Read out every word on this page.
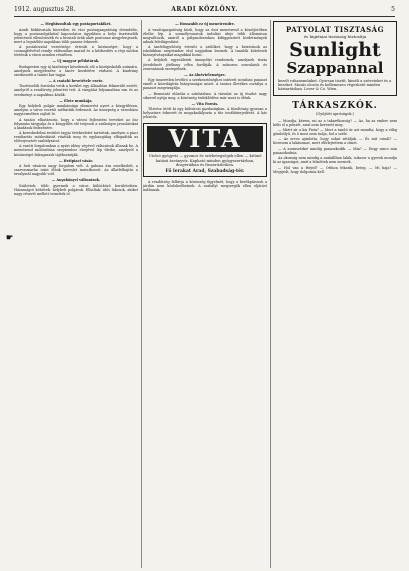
1912. augusztus 28.	ARADI KÖZLÖNY.	5

— Meghiusultak egy postaportakiket.

Aradi fiókhivatala közvetlen és váci postaigazgatóság elrendelte, hogy a postaszolgálattal kapcsolatos ügyekben a helyi tisztviselők jelentéseit ellenőrizzék és a hivatali órák alatt pontosan megjelenjenek, mert a legutóbbi napokban több panasz érkezett.

A postahivatal vezetősége értesíti a közönséget, hogy a csomagfelvétel rendje változatlan marad és a kézbesítés a régi módon történik a város minden részében.

— Uj magyar példatárak.

Budapesten egy új kiadványt készítenek elő a középiskolák számára, amelynek megjelenése a tanév kezdetére várható. A kiadvány szerkesztői a tanári kar tagjai.

— A csatahi bevetétele esete.

Tisztviselők forrásba vetik a kerület egy állandóan felmerülő esetét, amelyről a rendőrség jelentést tett. A vizsgálat folyamatban van és az eredményt a napokban közlik.

— Élete munkája.

Egy helybeli polgár munkássága elismerést nyert a közgyűlésen, amelyen a város vezetői méltatták érdemeit. Az ünnepség a városháza nagytermében zajlott le.

A tanács elhatározta, hogy a városi fejlesztési terveket az ősz folyamán tárgyalja és a közgyűlés elé terjeszti a szükséges javaslatokat a kiadások fedezésére.

A kereskedelmi testület tagjai értekezletet tartottak, amelyen a piaci rendtartás módosítását vitatták meg és egyhangúlag elfogadták az előterjesztett szabályzatot.

A vasúti forgalomban a nyári idény végével változások állanak be. A menetrend módosítása szeptember elsejével lép életbe, amelyről a közönséget falragaszok tájékoztatják.

— Hetipiaci vásár.

A heti vásáron nagy forgalom volt. A gabona ára emelkedett, a szarvasmarha iránt élénk kereslet mutatkozott. Az állatfelhajtás a tavalyinál nagyobb volt.

— Anyakönyvi változások.

Születtek: több gyermek a város különböző kerületeiben. Házasságot kötöttek: helybeli polgárok. Elhaltak: idős lakosok, akiket nagy részvét mellett temettek el.

— Hosszabb ez új menetrendre.

A vasútigazgatóság közli, hogy az őszi menetrend a közeljövőben életbe lép. A személyvonatok indulási ideje több állomáson megváltozik, amiről a pályaudvarokon kifüggesztett hirdetmények adnak felvilágosítást.

A tanfelügyelőség értesíti a szülőket, hogy a beiratások az iskolákban szeptember első napjaiban lesznek. A tanulók kötelesek bizonyítványaikat magukkal hozni.

A helybeli egyesületek ünnepélyt rendeznek, amelynek tiszta jövedelmét jótékony célra fordítják. A műsoron szavalatok és zeneszámok szerepelnek.

— Az álnévtelenségre.

Egy ismeretlen levélíró a szerkesztőséghez intézett soraiban panaszt emelt a közvilágítás hiányosságai miatt. A tanács illetékes osztálya a panaszt megvizsgálja.

— Bemutató előadás a színházban. A társulat az új évadot nagy sikerrel nyitja meg, a közönség érdeklődése már most is élénk.

— Vita Forrás.

Tűzvész ütött ki egy külvárosi gazdaságban. A tűzoltóság gyorsan a helyszínre érkezett és megakadályozta a tűz továbbterjedését. A kár jelentős.

VITA
Utolsó gyógyvíz — gyomor és szívbetegségek ellen — kitűnő hatású ásványvíz. Kapható minden gyógyszertárban, drogériában és füszerüzletben.
Fő lerakat Arad, Szabadság-tér.

A rendőrség felhívja a közönség figyelmét, hogy a kerékpárosok a járdán nem közlekedhetnek. A szabályt megszegők ellen eljárást indítanak.

PATYOLAT TISZTASÁG
és higiéniai tisztaság biztosítja
Sunlight
Szappannal
kezelt ruhaneműnket. Gyorsan tisztít, kíméli a szöveteket és a kezeket. Mosás olcsón és kellemesen végezhető minden háztartásban. Lever & Co. Wien.
TÁRKASZKÓK.
(Gyűjtött apróságok.)

— Mondja, kérem, mi az a takarékosság? — Az, ha az ember nem költi el a pénzét, amit nem keresett meg.

— Miért sír a kis Pista? — Mert a tanító úr azt mondta, hogy a világ gömbölyű, és ő most nem tudja, hol a széle.

— Az orvos ajánlotta, hogy sokat sétáljak. — És mit csinál? — Keresem a lakásomat, mert elfelejtettem a címet.

— A szomszédné mindig panaszkodik. — Min? — Hogy nincs min panaszkodnia.

Az okosság nem mindig a szakállban lakik, sokszor a gyerek mondja ki az igazságot, amit a felnőttek nem mernek.

— Hol van a férjed? — Otthon fekszik, beteg. — Mi baja? — Megijedt, hogy dolgoznia kell.

☛
